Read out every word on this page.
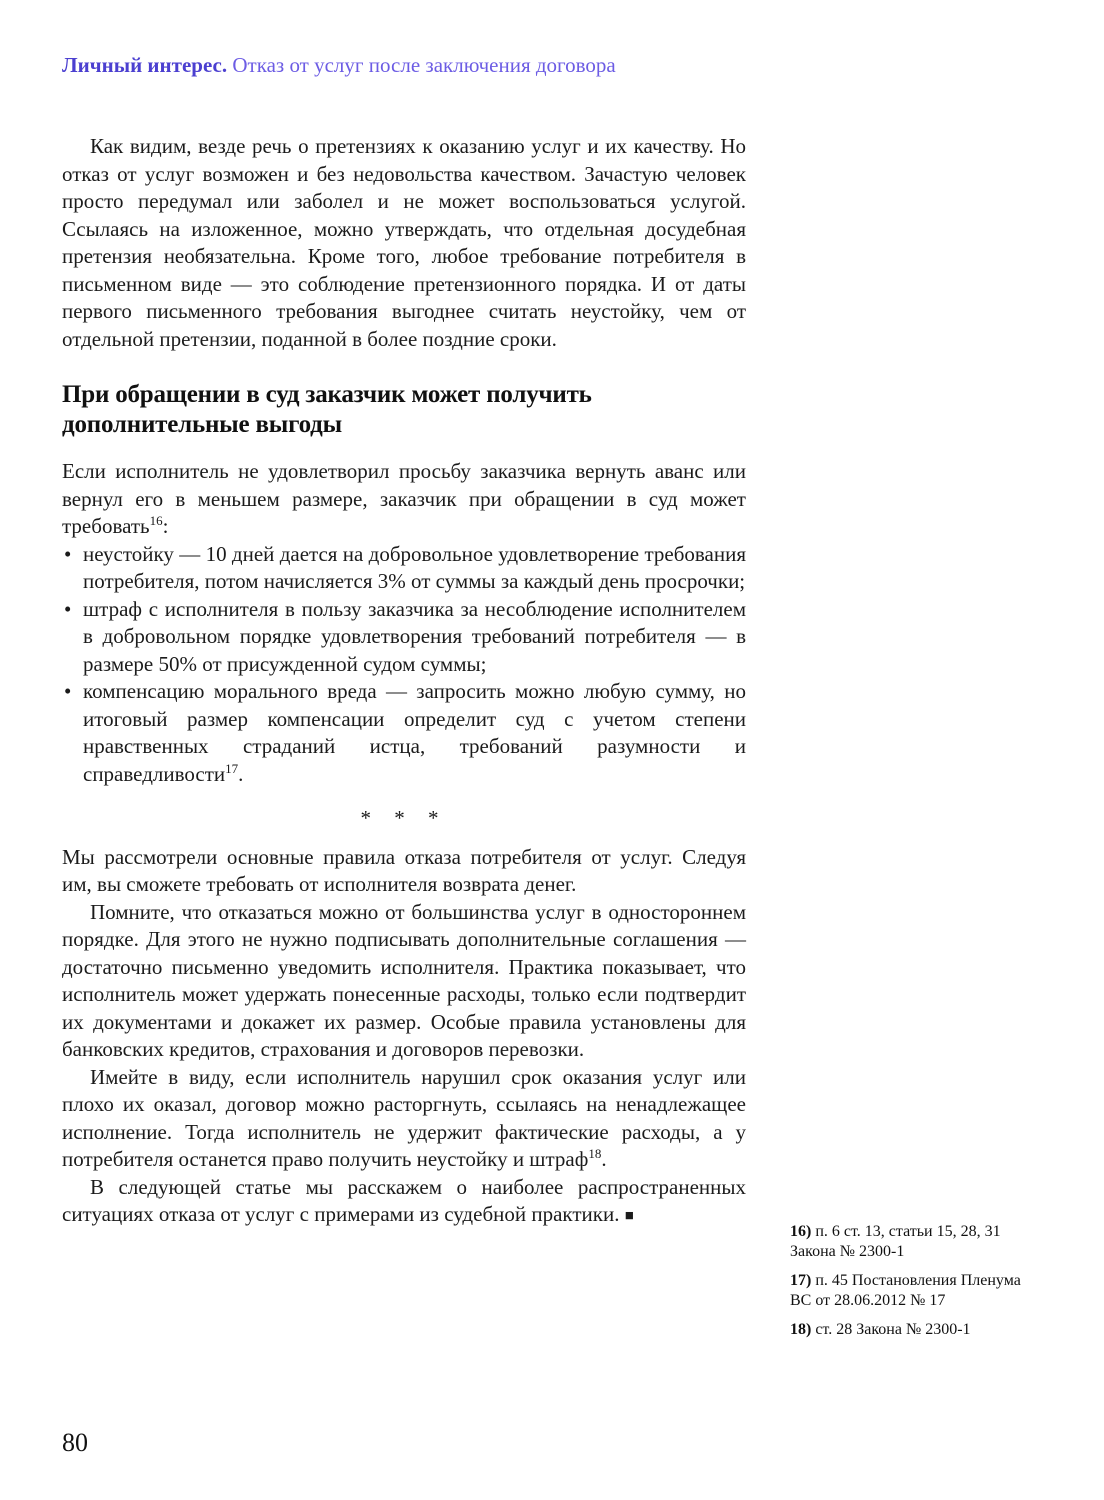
Личный интерес. Отказ от услуг после заключения договора

Как видим, везде речь о претензиях к оказанию услуг и их качеству. Но отказ от услуг возможен и без недовольства качеством. Зачастую человек просто передумал или заболел и не может воспользоваться услугой. Ссылаясь на изложенное, можно утверждать, что отдельная досудебная претензия необязательна. Кроме того, любое требование потребителя в письменном виде — это соблюдение претензионного порядка. И от даты первого письменного требования выгоднее считать неустойку, чем от отдельной претензии, поданной в более поздние сроки.

При обращении в суд заказчик может получить дополнительные выгоды

Если исполнитель не удовлетворил просьбу заказчика вернуть аванс или вернул его в меньшем размере, заказчик при обращении в суд может требовать$^{16}$:

• неустойку — 10 дней дается на добровольное удовлетворение требования потребителя, потом начисляется 3% от суммы за каждый день просрочки;
• штраф с исполнителя в пользу заказчика за несоблюдение исполнителем в добровольном порядке удовлетворения требований потребителя — в размере 50% от присужденной судом суммы;
• компенсацию морального вреда — запросить можно любую сумму, но итоговый размер компенсации определит суд с учетом степени нравственных страданий истца, требований разумности и справедливости$^{17}$.
* * *

Мы рассмотрели основные правила отказа потребителя от услуг. Следуя им, вы сможете требовать от исполнителя возврата денег.

Помните, что отказаться можно от большинства услуг в одностороннем порядке. Для этого не нужно подписывать дополнительные соглашения — достаточно письменно уведомить исполнителя. Практика показывает, что исполнитель может удержать понесенные расходы, только если подтвердит их документами и докажет их размер. Особые правила установлены для банковских кредитов, страхования и договоров перевозки.

Имейте в виду, если исполнитель нарушил срок оказания услуг или плохо их оказал, договор можно расторгнуть, ссылаясь на ненадлежащее исполнение. Тогда исполнитель не удержит фактические расходы, а у потребителя останется право получить неустойку и штраф$^{18}$.

В следующей статье мы расскажем о наиболее распространенных ситуациях отказа от услуг с примерами из судебной практики. ■

16) п. 6 ст. 13, статьи 15, 28, 31 Закона № 2300-1

17) п. 45 Постановления Пленума ВС от 28.06.2012 № 17

18) ст. 28 Закона № 2300-1

80
